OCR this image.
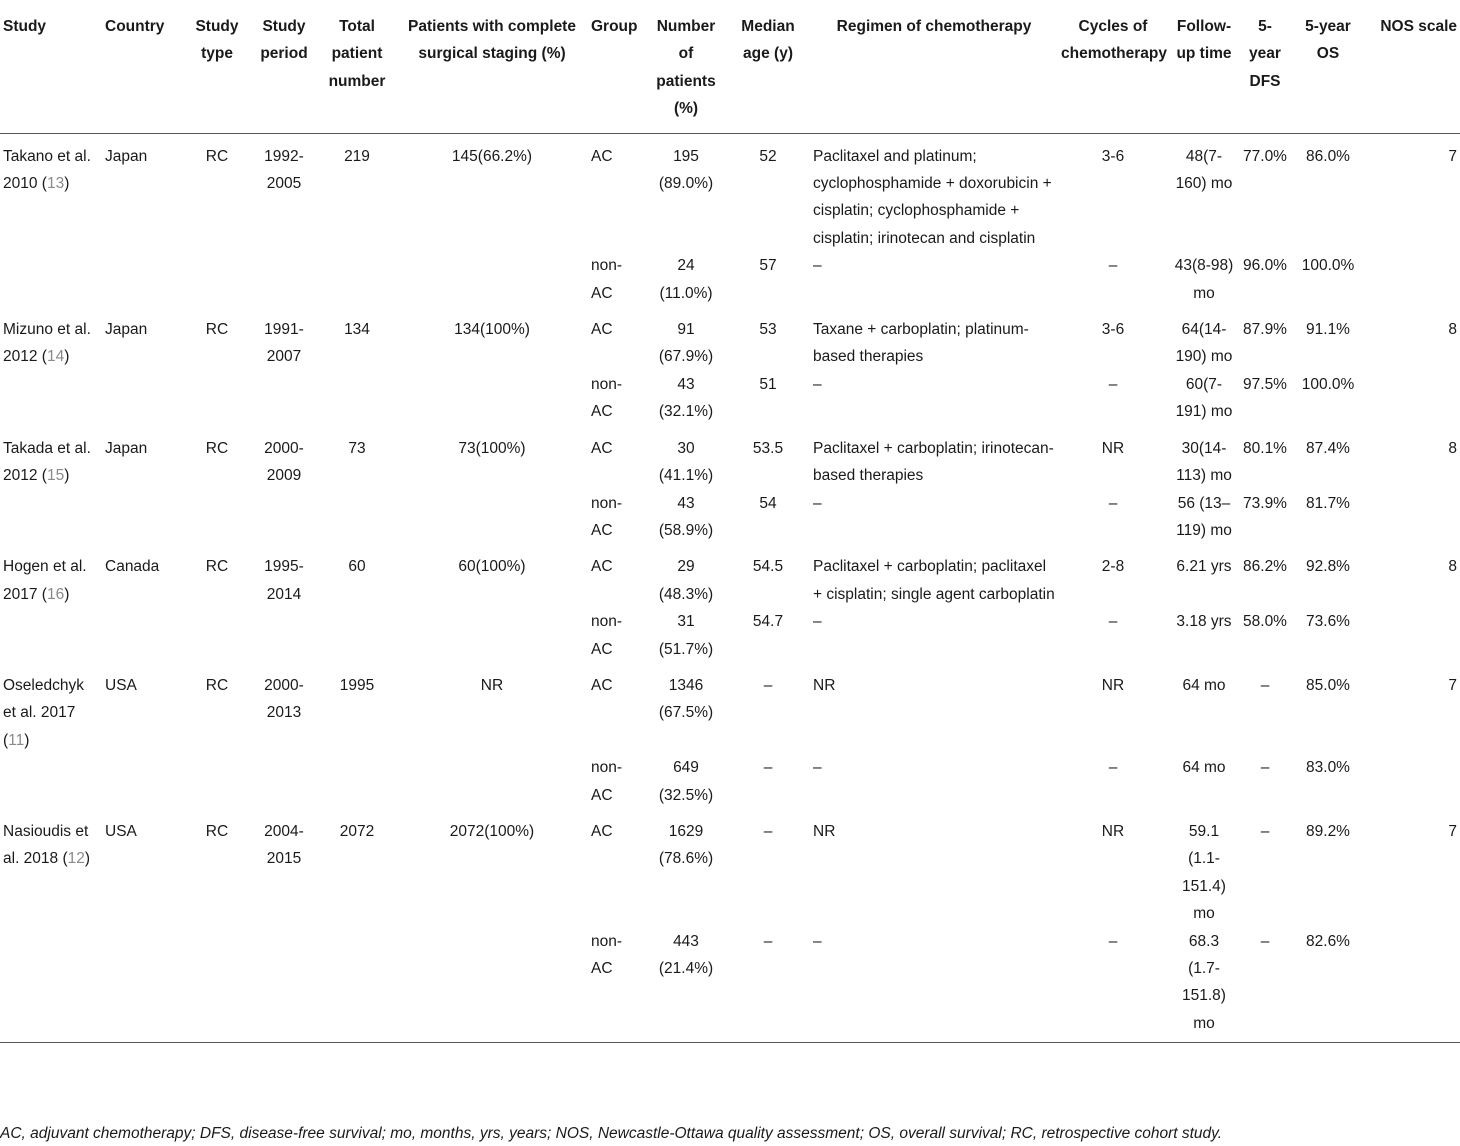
Study	Country	Study type	Study period	Total patient number	Patients with complete surgical staging (%)	Group	Number of patients (%)	Median age (y)	Regimen of chemotherapy	Cycles of chemotherapy	Follow-up time	5-year DFS	5-year OS	NOS scale
Takano et al. 2010 (13)	Japan	RC	1992-2005	219	145(66.2%)	AC	195 (89.0%)	52	Paclitaxel and platinum; cyclophosphamide + doxorubicin + cisplatin; cyclophosphamide + cisplatin; irinotecan and cisplatin	3-6	48(7-160) mo	77.0%	86.0%	7
						non-AC	24 (11.0%)	57	–	–	43(8-98) mo	96.0%	100.0%	
Mizuno et al. 2012 (14)	Japan	RC	1991-2007	134	134(100%)	AC	91 (67.9%)	53	Taxane + carboplatin; platinum-based therapies	3-6	64(14-190) mo	87.9%	91.1%	8
						non-AC	43 (32.1%)	51	–	–	60(7-191) mo	97.5%	100.0%	
Takada et al. 2012 (15)	Japan	RC	2000-2009	73	73(100%)	AC	30 (41.1%)	53.5	Paclitaxel + carboplatin; irinotecan-based therapies	NR	30(14-113) mo	80.1%	87.4%	8
						non-AC	43 (58.9%)	54	–	–	56 (13–119) mo	73.9%	81.7%	
Hogen et al. 2017 (16)	Canada	RC	1995-2014	60	60(100%)	AC	29 (48.3%)	54.5	Paclitaxel + carboplatin; paclitaxel + cisplatin; single agent carboplatin	2-8	6.21 yrs	86.2%	92.8%	8
						non-AC	31 (51.7%)	54.7	–	–	3.18 yrs	58.0%	73.6%	
Oseledchyk et al. 2017 (11)	USA	RC	2000-2013	1995	NR	AC	1346 (67.5%)	–	NR	NR	64 mo	–	85.0%	7
						non-AC	649 (32.5%)	–	–	–	64 mo	–	83.0%	
Nasioudis et al. 2018 (12)	USA	RC	2004-2015	2072	2072(100%)	AC	1629 (78.6%)	–	NR	NR	59.1 (1.1-151.4) mo	–	89.2%	7
						non-AC	443 (21.4%)	–	–	–	68.3 (1.7-151.8) mo	–	82.6%	
AC, adjuvant chemotherapy; DFS, disease-free survival; mo, months, yrs, years; NOS, Newcastle-Ottawa quality assessment; OS, overall survival; RC, retrospective cohort study.
